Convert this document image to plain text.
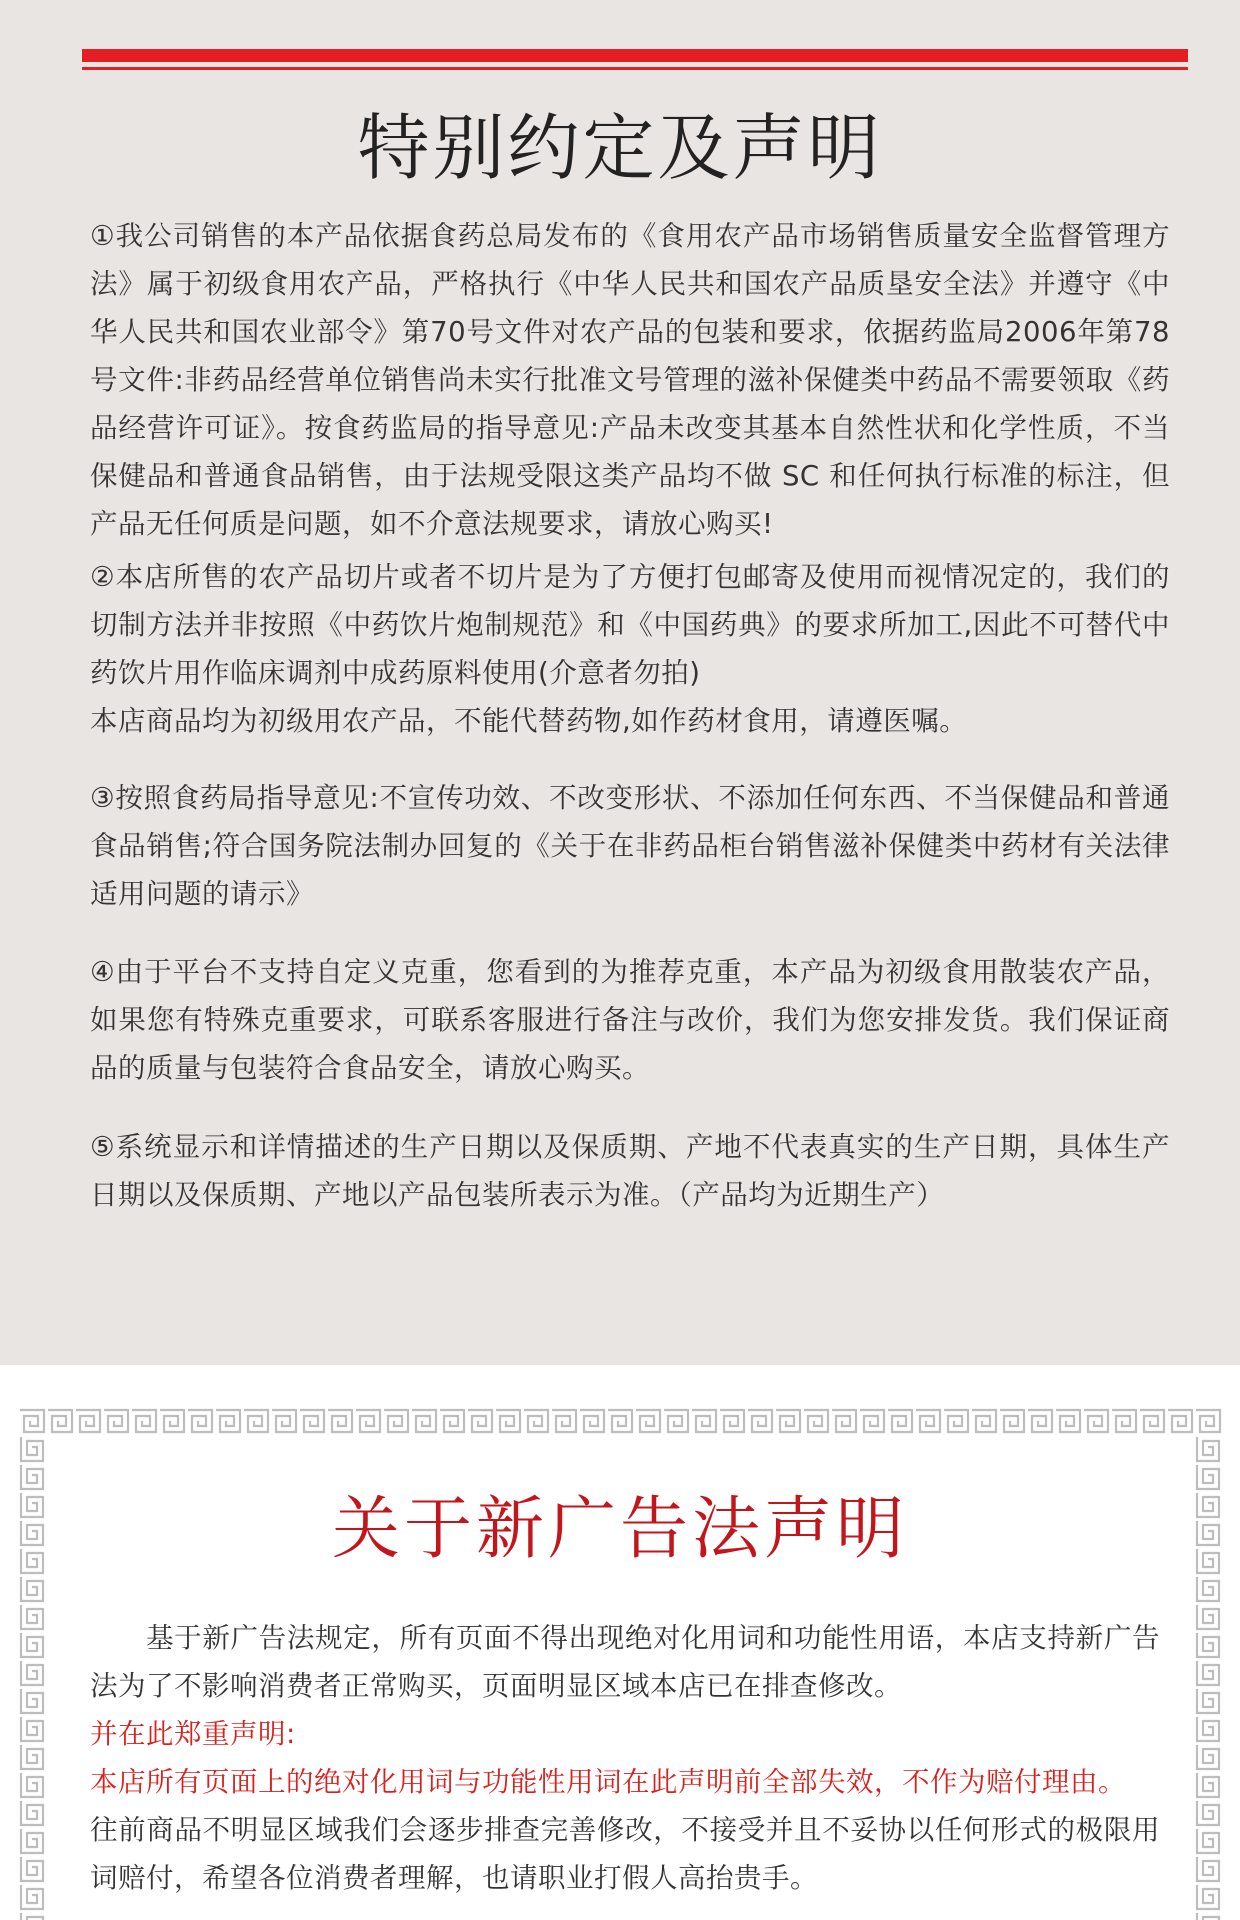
特别约定及声明

①我公司销售的本产品依据食药总局发布的《食用农产品市场销售质量安全监督管理方法》属于初级食用农产品，严格执行《中华人民共和国农产品质垦安全法》并遵守《中华人民共和国农业部令》第70号文件对农产品的包装和要求，依据药监局2006年第78号文件:非药品经营单位销售尚未实行批准文号管理的滋补保健类中药品不需要领取《药品经营许可证》。按食药监局的指导意见:产品未改变其基本自然性状和化学性质，不当保健品和普通食品销售，由于法规受限这类产品均不做 SC 和任何执行标准的标注，但产品无任何质是问题，如不介意法规要求，请放心购买!

②本店所售的农产品切片或者不切片是为了方便打包邮寄及使用而视情况定的，我们的切制方法并非按照《中药饮片炮制规范》和《中国药典》的要求所加工,因此不可替代中药饮片用作临床调剂中成药原料使用(介意者勿拍)

本店商品均为初级用农产品，不能代替药物,如作药材食用，请遵医嘱。

③按照食药局指导意见:不宣传功效、不改变形状、不添加任何东西、不当保健品和普通食品销售;符合国务院法制办回复的《关于在非药品柜台销售滋补保健类中药材有关法律适用问题的请示》

④由于平台不支持自定义克重，您看到的为推荐克重，本产品为初级食用散装农产品，如果您有特殊克重要求，可联系客服进行备注与改价，我们为您安排发货。我们保证商品的质量与包装符合食品安全，请放心购买。

⑤系统显示和详情描述的生产日期以及保质期、产地不代表真实的生产日期，具体生产日期以及保质期、产地以产品包装所表示为准。（产品均为近期生产）

关于新广告法声明

基于新广告法规定，所有页面不得出现绝对化用词和功能性用语，本店支持新广告法为了不影响消费者正常购买，页面明显区域本店已在排查修改。

并在此郑重声明:

本店所有页面上的绝对化用词与功能性用词在此声明前全部失效，不作为赔付理由。

往前商品不明显区域我们会逐步排查完善修改，不接受并且不妥协以任何形式的极限用词赔付，希望各位消费者理解，也请职业打假人高抬贵手。
